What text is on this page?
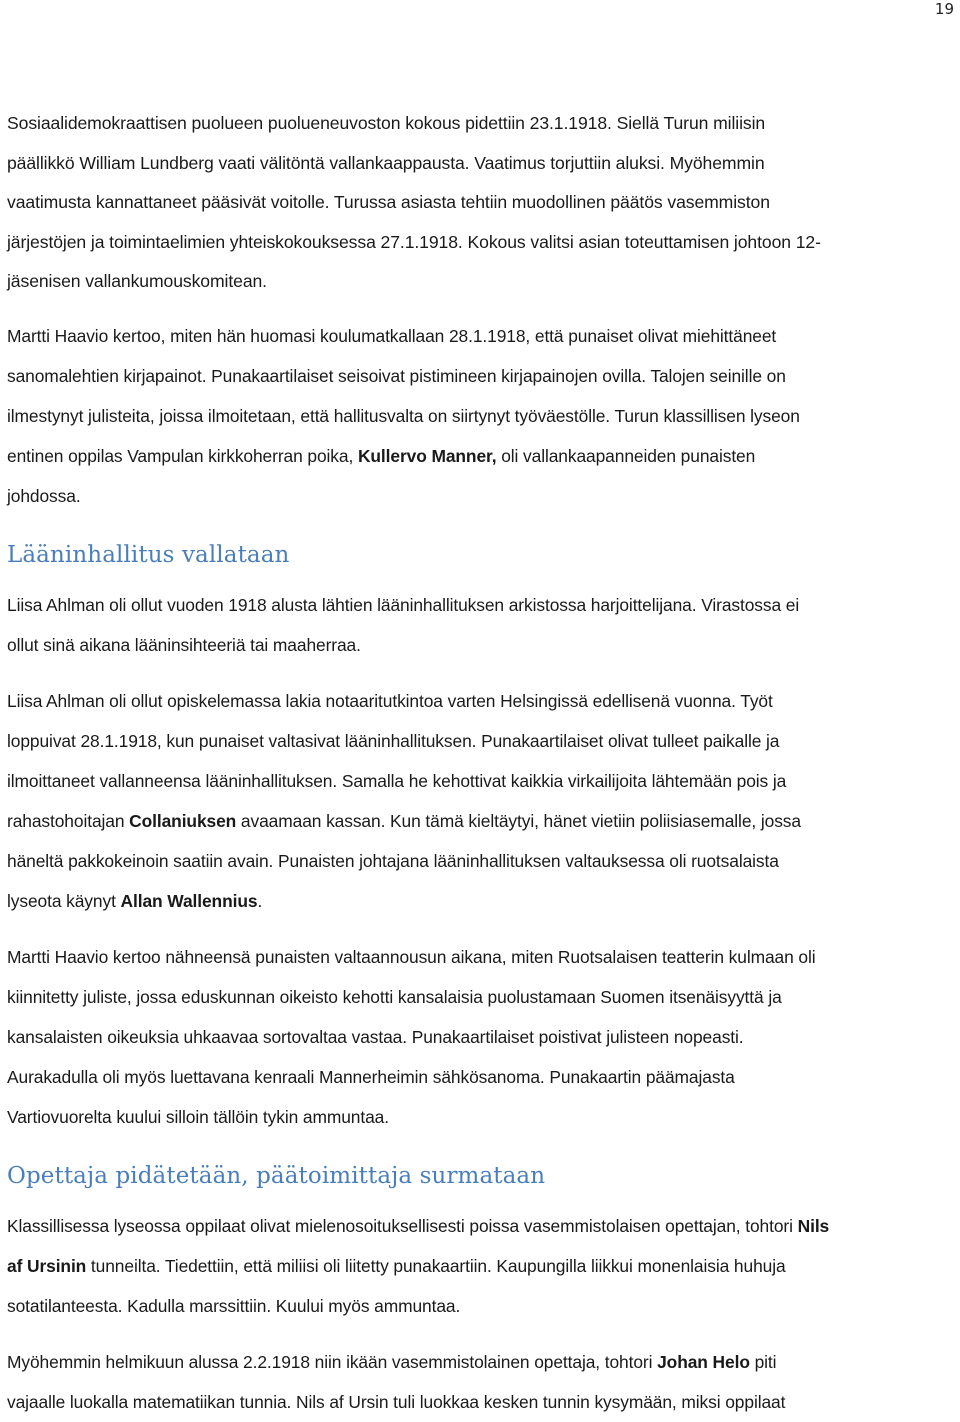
19

Sosiaalidemokraattisen puolueen puolueneuvoston kokous pidettiin 23.1.1918. Siellä Turun miliisin
päällikkö William Lundberg vaati välitöntä vallankaappausta. Vaatimus torjuttiin aluksi. Myöhemmin
vaatimusta kannattaneet pääsivät voitolle. Turussa asiasta tehtiin muodollinen päätös vasemmiston
järjestöjen ja toimintaelimien yhteiskokouksessa 27.1.1918. Kokous valitsi asian toteuttamisen johtoon 12-
jäsenisen vallankumouskomitean.

Martti Haavio kertoo, miten hän huomasi koulumatkallaan 28.1.1918, että punaiset olivat miehittäneet
sanomalehtien kirjapainot. Punakaartilaiset seisoivat pistimineen kirjapainojen ovilla. Talojen seinille on
ilmestynyt julisteita, joissa ilmoitetaan, että hallitusvalta on siirtynyt työväestölle. Turun klassillisen lyseon
entinen oppilas Vampulan kirkkoherran poika, Kullervo Manner, oli vallankaapanneiden punaisten
johdossa.

Lääninhallitus vallataan

Liisa Ahlman oli ollut vuoden 1918 alusta lähtien lääninhallituksen arkistossa harjoittelijana. Virastossa ei
ollut sinä aikana lääninsihteeriä tai maaherraa.

Liisa Ahlman oli ollut opiskelemassa lakia notaaritutkintoa varten Helsingissä edellisenä vuonna. Työt
loppuivat 28.1.1918, kun punaiset valtasivat lääninhallituksen. Punakaartilaiset olivat tulleet paikalle ja
ilmoittaneet vallanneensa lääninhallituksen. Samalla he kehottivat kaikkia virkailijoita lähtemään pois ja
rahastohoitajan Collaniuksen avaamaan kassan. Kun tämä kieltäytyi, hänet vietiin poliisiasemalle, jossa
häneltä pakkokeinoin saatiin avain. Punaisten johtajana lääninhallituksen valtauksessa oli ruotsalaista
lyseota käynyt Allan Wallennius.

Martti Haavio kertoo nähneensä punaisten valtaannousun aikana, miten Ruotsalaisen teatterin kulmaan oli
kiinnitetty juliste, jossa eduskunnan oikeisto kehotti kansalaisia puolustamaan Suomen itsenäisyyttä ja
kansalaisten oikeuksia uhkaavaa sortovaltaa vastaa. Punakaartilaiset poistivat julisteen nopeasti.
Aurakadulla oli myös luettavana kenraali Mannerheimin sähkösanoma. Punakaartin päämajasta
Vartiovuorelta kuului silloin tällöin tykin ammuntaa.

Opettaja pidätetään, päätoimittaja surmataan

Klassillisessa lyseossa oppilaat olivat mielenosoituksellisesti poissa vasemmistolaisen opettajan, tohtori Nils
af Ursinin tunneilta. Tiedettiin, että miliisi oli liitetty punakaartiin. Kaupungilla liikkui monenlaisia huhuja
sotatilanteesta. Kadulla marssittiin. Kuului myös ammuntaa.

Myöhemmin helmikuun alussa 2.2.1918 niin ikään vasemmistolainen opettaja, tohtori Johan Helo piti
vajaalle luokalla matematiikan tunnia. Nils af Ursin tuli luokkaa kesken tunnin kysymään, miksi oppilaat
